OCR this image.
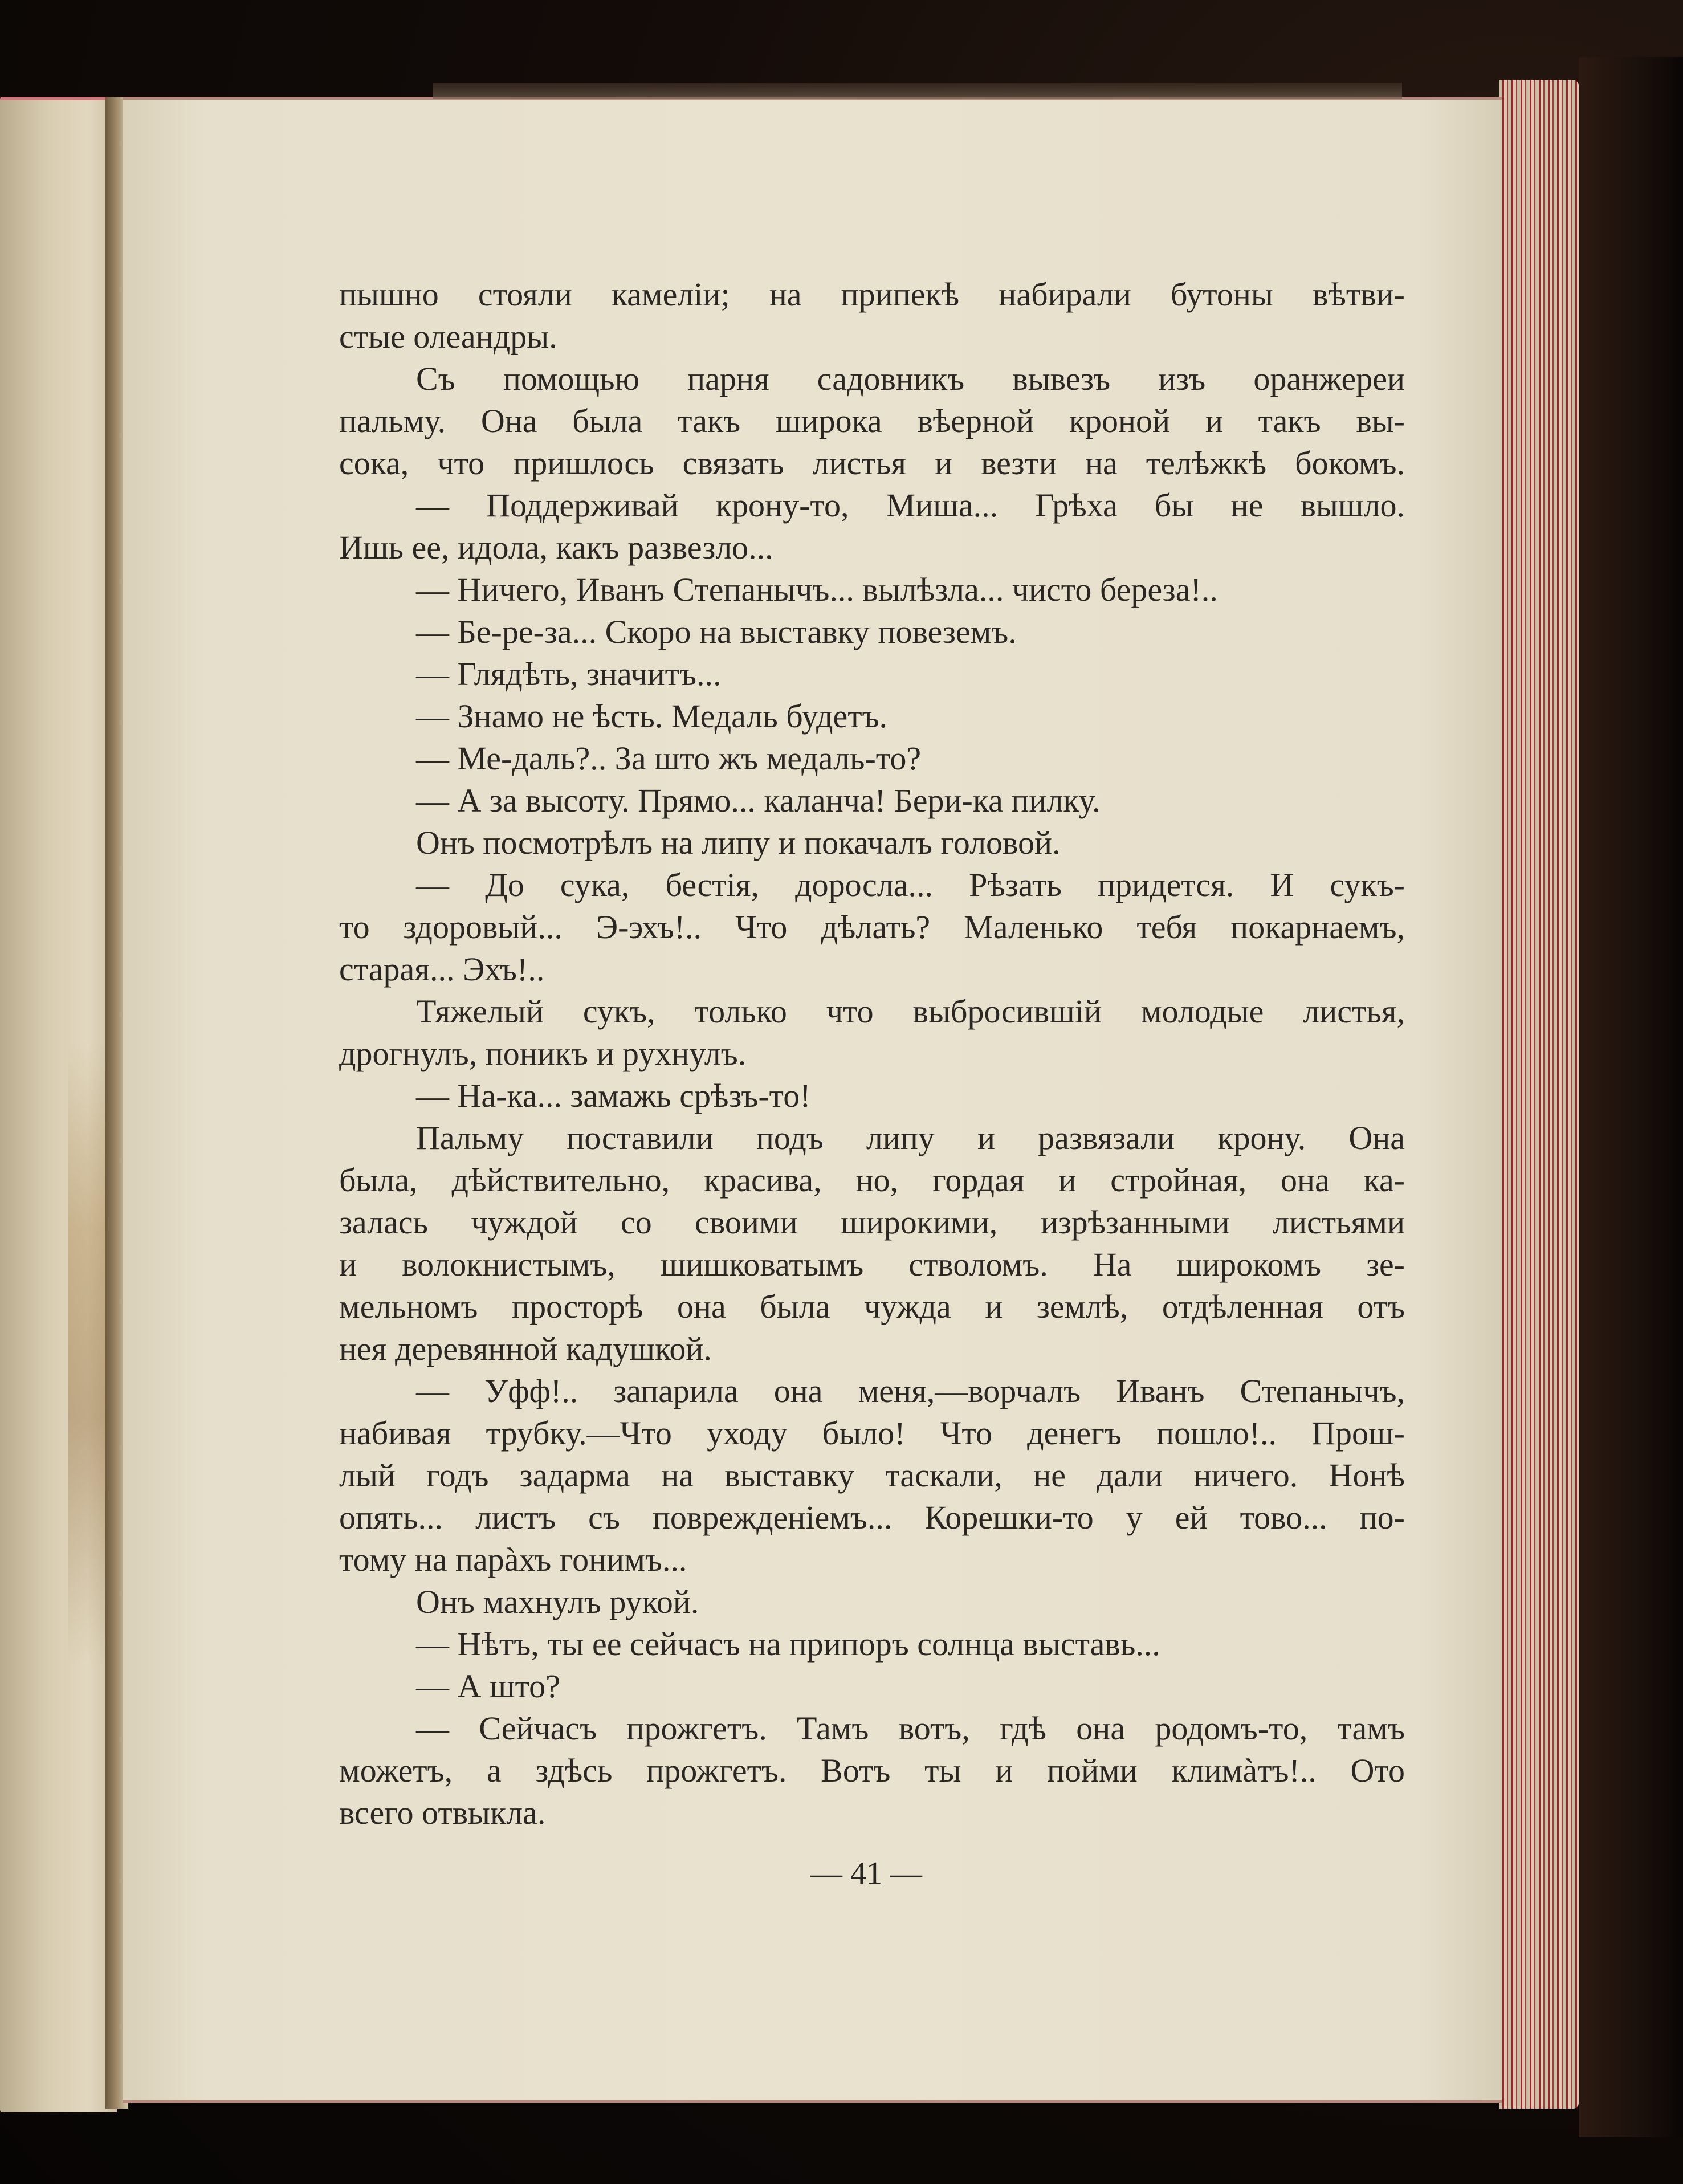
пышно стояли камелiи; на припекѣ набирали бутоны вѣтви-
стые олеандры.
Съ помощью парня садовникъ вывезъ изъ оранжереи
пальму. Она была такъ широка вѣерной кроной и такъ вы-
сока, что пришлось связать листья и везти на телѣжкѣ бокомъ.
— Поддерживай крону-то, Миша... Грѣха бы не вышло.
Ишь ее, идола, какъ развезло...
— Ничего, Иванъ Степанычъ... вылѣзла... чисто береза!..
— Бе-ре-за... Скоро на выставку повеземъ.
— Глядѣть, значитъ...
— Знамо не ѣсть. Медаль будетъ.
— Ме-даль?.. За што жъ медаль-то?
— А за высоту. Прямо... каланча! Бери-ка пилку.
Онъ посмотрѣлъ на липу и покачалъ головой.
— До сука, бестiя, доросла... Рѣзать придется. И сукъ-
то здоровый... Э-эхъ!.. Что дѣлать? Маленько тебя покарнаемъ,
старая... Эхъ!..
Тяжелый сукъ, только что выбросившiй молодые листья,
дрогнулъ, поникъ и рухнулъ.
— На-ка... замажь срѣзъ-то!
Пальму поставили подъ липу и развязали крону. Она
была, дѣйствительно, красива, но, гордая и стройная, она ка-
залась чуждой со своими широкими, изрѣзанными листьями
и волокнистымъ, шишковатымъ стволомъ. На широкомъ зе-
мельномъ просторѣ она была чужда и землѣ, отдѣленная отъ
нея деревянной кадушкой.
— Уфф!.. запарила она меня,—ворчалъ Иванъ Степанычъ,
набивая трубку.—Что уходу было! Что денегъ пошло!.. Прош-
лый годъ задарма на выставку таскали, не дали ничего. Нонѣ
опять... листъ съ поврежденiемъ... Корешки-то у ей тово... по-
тому на парàхъ гонимъ...
Онъ махнулъ рукой.
— Нѣтъ, ты ее сейчасъ на припоръ солнца выставь...
— А што?
— Сейчасъ прожгетъ. Тамъ вотъ, гдѣ она родомъ-то, тамъ
можетъ, а здѣсь прожгетъ. Вотъ ты и пойми климàтъ!.. Ото
всего отвыкла.
— 41 —
